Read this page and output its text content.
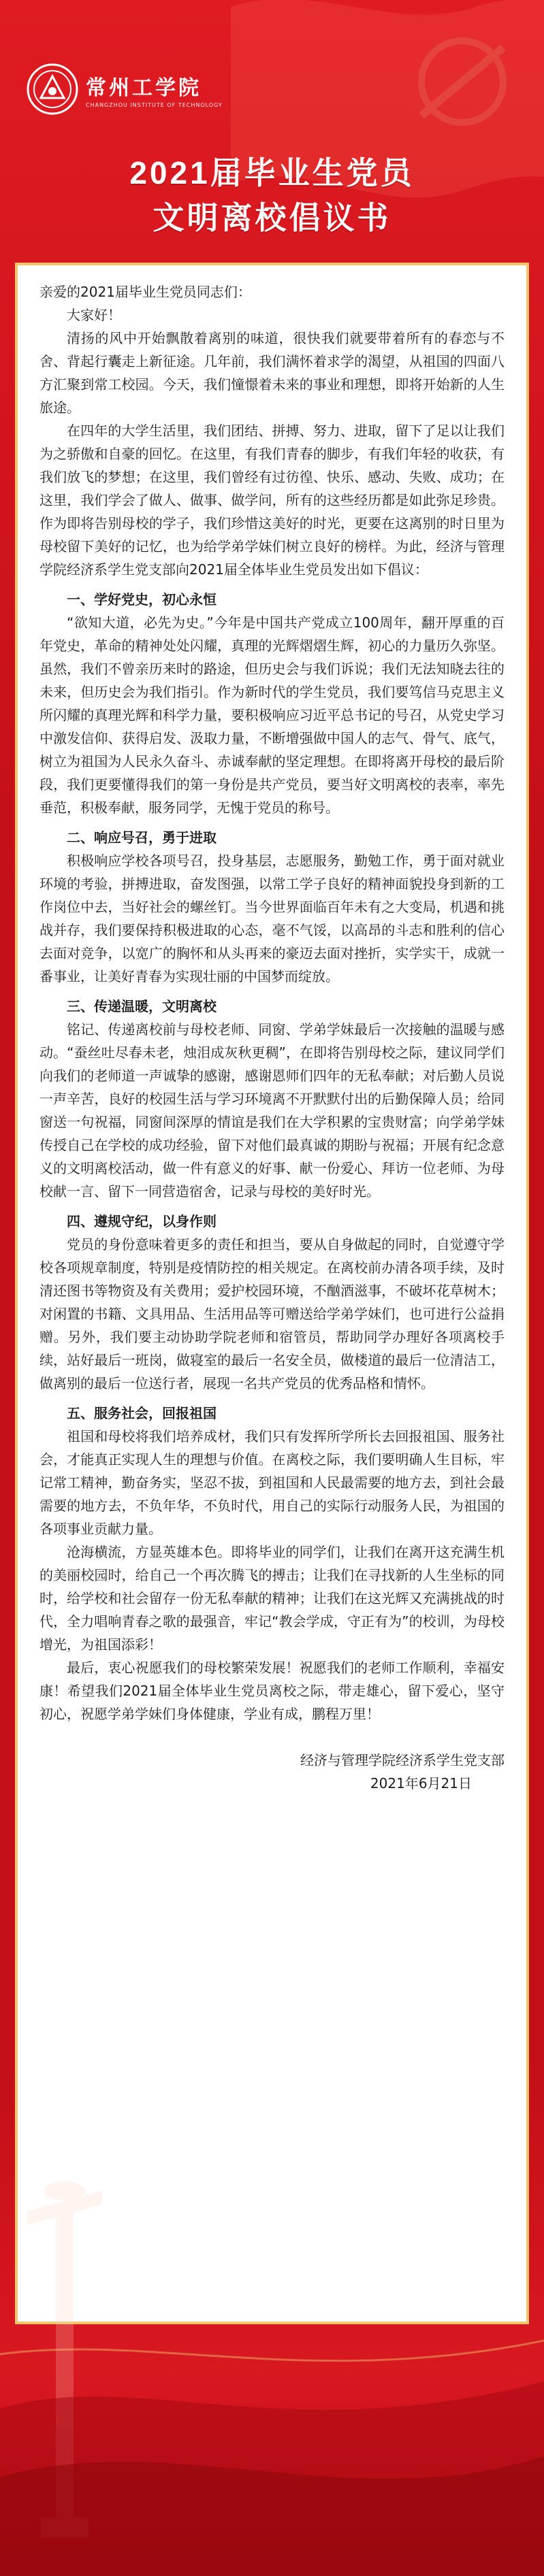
常州工学院
CHANGZHOU INSTITUTE OF TECHNOLOGY
2021届毕业生党员
文明离校倡议书

亲爱的2021届毕业生党员同志们：

大家好！

清扬的风中开始飘散着离别的味道，很快我们就要带着所有的春恋与不舍、背起行囊走上新征途。几年前，我们满怀着求学的渴望，从祖国的四面八方汇聚到常工校园。今天，我们憧憬着未来的事业和理想，即将开始新的人生旅途。

在四年的大学生活里，我们团结、拼搏、努力、进取，留下了足以让我们为之骄傲和自豪的回忆。在这里，有我们青春的脚步，有我们年轻的收获，有我们放飞的梦想；在这里，我们曾经有过彷徨、快乐、感动、失败、成功；在这里，我们学会了做人、做事、做学问，所有的这些经历都是如此弥足珍贵。作为即将告别母校的学子，我们珍惜这美好的时光，更要在这离别的时日里为母校留下美好的记忆，也为给学弟学妹们树立良好的榜样。为此，经济与管理学院经济系学生党支部向2021届全体毕业生党员发出如下倡议：

一、学好党史，初心永恒

“欲知大道，必先为史。”今年是中国共产党成立100周年，翻开厚重的百年党史，革命的精神处处闪耀，真理的光辉熠熠生辉，初心的力量历久弥坚。虽然，我们不曾亲历来时的路途，但历史会与我们诉说；我们无法知晓去往的未来，但历史会为我们指引。作为新时代的学生党员，我们要笃信马克思主义所闪耀的真理光辉和科学力量，要积极响应习近平总书记的号召，从党史学习中激发信仰、获得启发、汲取力量，不断增强做中国人的志气、骨气、底气，树立为祖国为人民永久奋斗、赤诚奉献的坚定理想。在即将离开母校的最后阶段，我们更要懂得我们的第一身份是共产党员，要当好文明离校的表率，率先垂范，积极奉献，服务同学，无愧于党员的称号。

二、响应号召，勇于进取

积极响应学校各项号召，投身基层，志愿服务，勤勉工作，勇于面对就业环境的考验，拼搏进取，奋发图强，以常工学子良好的精神面貌投身到新的工作岗位中去，当好社会的螺丝钉。当今世界面临百年未有之大变局，机遇和挑战并存，我们要保持积极进取的心态，毫不气馁，以高昂的斗志和胜利的信心去面对竞争，以宽广的胸怀和从头再来的豪迈去面对挫折，实学实干，成就一番事业，让美好青春为实现壮丽的中国梦而绽放。

三、传递温暖，文明离校

铭记、传递离校前与母校老师、同窗、学弟学妹最后一次接触的温暖与感动。“蚕丝吐尽春未老，烛泪成灰秋更稠”，在即将告别母校之际，建议同学们向我们的老师道一声诚挚的感谢，感谢恩师们四年的无私奉献；对后勤人员说一声辛苦，良好的校园生活与学习环境离不开默默付出的后勤保障人员；给同窗送一句祝福，同窗间深厚的情谊是我们在大学积累的宝贵财富；向学弟学妹传授自己在学校的成功经验，留下对他们最真诚的期盼与祝福；开展有纪念意义的文明离校活动，做一件有意义的好事、献一份爱心、拜访一位老师、为母校献一言、留下一同营造宿舍，记录与母校的美好时光。

四、遵规守纪，以身作则

党员的身份意味着更多的责任和担当，要从自身做起的同时，自觉遵守学校各项规章制度，特别是疫情防控的相关规定。在离校前办清各项手续，及时清还图书等物资及有关费用；爱护校园环境，不酗酒滋事，不破坏花草树木；对闲置的书籍、文具用品、生活用品等可赠送给学弟学妹们，也可进行公益捐赠。另外，我们要主动协助学院老师和宿管员，帮助同学办理好各项离校手续，站好最后一班岗，做寝室的最后一名安全员，做楼道的最后一位清洁工，做离别的最后一位送行者，展现一名共产党员的优秀品格和情怀。

五、服务社会，回报祖国

祖国和母校将我们培养成材，我们只有发挥所学所长去回报祖国、服务社会，才能真正实现人生的理想与价值。在离校之际，我们要明确人生目标，牢记常工精神，勤奋务实，坚忍不拔，到祖国和人民最需要的地方去，到社会最需要的地方去，不负年华，不负时代，用自己的实际行动服务人民，为祖国的各项事业贡献力量。

沧海横流，方显英雄本色。即将毕业的同学们，让我们在离开这充满生机的美丽校园时，给自己一个再次腾飞的搏击；让我们在寻找新的人生坐标的同时，给学校和社会留存一份无私奉献的精神；让我们在这光辉又充满挑战的时代，全力唱响青春之歌的最强音，牢记“教会学成，守正有为”的校训，为母校增光，为祖国添彩！

最后，衷心祝愿我们的母校繁荣发展！祝愿我们的老师工作顺利，幸福安康！希望我们2021届全体毕业生党员离校之际，带走雄心，留下爱心，坚守初心，祝愿学弟学妹们身体健康，学业有成，鹏程万里！

经济与管理学院经济系学生党支部

2021年6月21日
